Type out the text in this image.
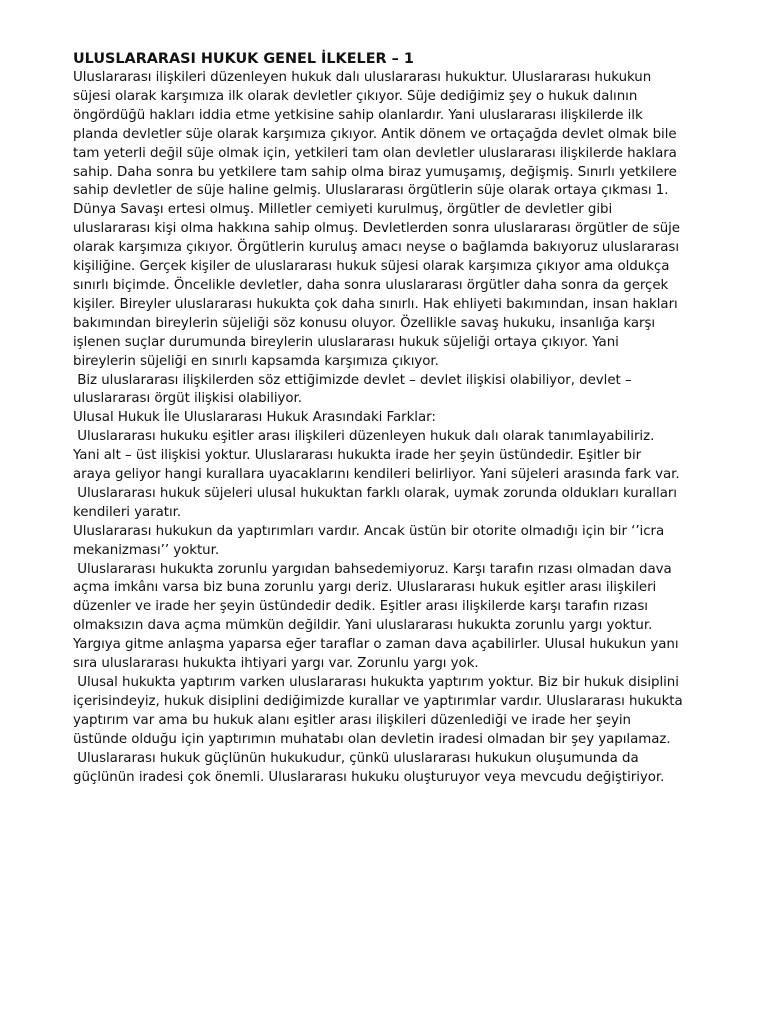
ULUSLARARASI HUKUK GENEL İLKELER – 1

Uluslararası ilişkileri düzenleyen hukuk dalı uluslararası hukuktur. Uluslararası hukukun süjesi olarak karşımıza ilk olarak devletler çıkıyor. Süje dediğimiz şey o hukuk dalının öngördüğü hakları iddia etme yetkisine sahip olanlardır. Yani uluslararası ilişkilerde ilk planda devletler süje olarak karşımıza çıkıyor. Antik dönem ve ortaçağda devlet olmak bile tam yeterli değil süje olmak için, yetkileri tam olan devletler uluslararası ilişkilerde haklara sahip. Daha sonra bu yetkilere tam sahip olma biraz yumuşamış, değişmiş. Sınırlı yetkilere sahip devletler de süje haline gelmiş. Uluslararası örgütlerin süje olarak ortaya çıkması 1. Dünya Savaşı ertesi olmuş. Milletler cemiyeti kurulmuş, örgütler de devletler gibi uluslararası kişi olma hakkına sahip olmuş. Devletlerden sonra uluslararası örgütler de süje olarak karşımıza çıkıyor. Örgütlerin kuruluş amacı neyse o bağlamda bakıyoruz uluslararası kişiliğine. Gerçek kişiler de uluslararası hukuk süjesi olarak karşımıza çıkıyor ama oldukça sınırlı biçimde. Öncelikle devletler, daha sonra uluslararası örgütler daha sonra da gerçek kişiler. Bireyler uluslararası hukukta çok daha sınırlı. Hak ehliyeti bakımından, insan hakları bakımından bireylerin süjeliği söz konusu oluyor. Özellikle savaş hukuku, insanlığa karşı işlenen suçlar durumunda bireylerin uluslararası hukuk süjeliği ortaya çıkıyor. Yani bireylerin süjeliği en sınırlı kapsamda karşımıza çıkıyor.

Biz uluslararası ilişkilerden söz ettiğimizde devlet – devlet ilişkisi olabiliyor, devlet – uluslararası örgüt ilişkisi olabiliyor.

Ulusal Hukuk İle Uluslararası Hukuk Arasındaki Farklar:

Uluslararası hukuku eşitler arası ilişkileri düzenleyen hukuk dalı olarak tanımlayabiliriz. Yani alt – üst ilişkisi yoktur. Uluslararası hukukta irade her şeyin üstündedir. Eşitler bir araya geliyor hangi kurallara uyacaklarını kendileri belirliyor. Yani süjeleri arasında fark var.

Uluslararası hukuk süjeleri ulusal hukuktan farklı olarak, uymak zorunda oldukları kuralları kendileri yaratır.

Uluslararası hukukun da yaptırımları vardır. Ancak üstün bir otorite olmadığı için bir ‘’icra mekanizması’’ yoktur.

Uluslararası hukukta zorunlu yargıdan bahsedemiyoruz. Karşı tarafın rızası olmadan dava açma imkânı varsa biz buna zorunlu yargı deriz. Uluslararası hukuk eşitler arası ilişkileri düzenler ve irade her şeyin üstündedir dedik. Eşitler arası ilişkilerde karşı tarafın rızası olmaksızın dava açma mümkün değildir. Yani uluslararası hukukta zorunlu yargı yoktur. Yargıya gitme anlaşma yaparsa eğer taraflar o zaman dava açabilirler. Ulusal hukukun yanı sıra uluslararası hukukta ihtiyari yargı var. Zorunlu yargı yok.

Ulusal hukukta yaptırım varken uluslararası hukukta yaptırım yoktur. Biz bir hukuk disiplini içerisindeyiz, hukuk disiplini dediğimizde kurallar ve yaptırımlar vardır. Uluslararası hukukta yaptırım var ama bu hukuk alanı eşitler arası ilişkileri düzenlediği ve irade her şeyin üstünde olduğu için yaptırımın muhatabı olan devletin iradesi olmadan bir şey yapılamaz.

Uluslararası hukuk güçlünün hukukudur, çünkü uluslararası hukukun oluşumunda da güçlünün iradesi çok önemli. Uluslararası hukuku oluşturuyor veya mevcudu değiştiriyor.
